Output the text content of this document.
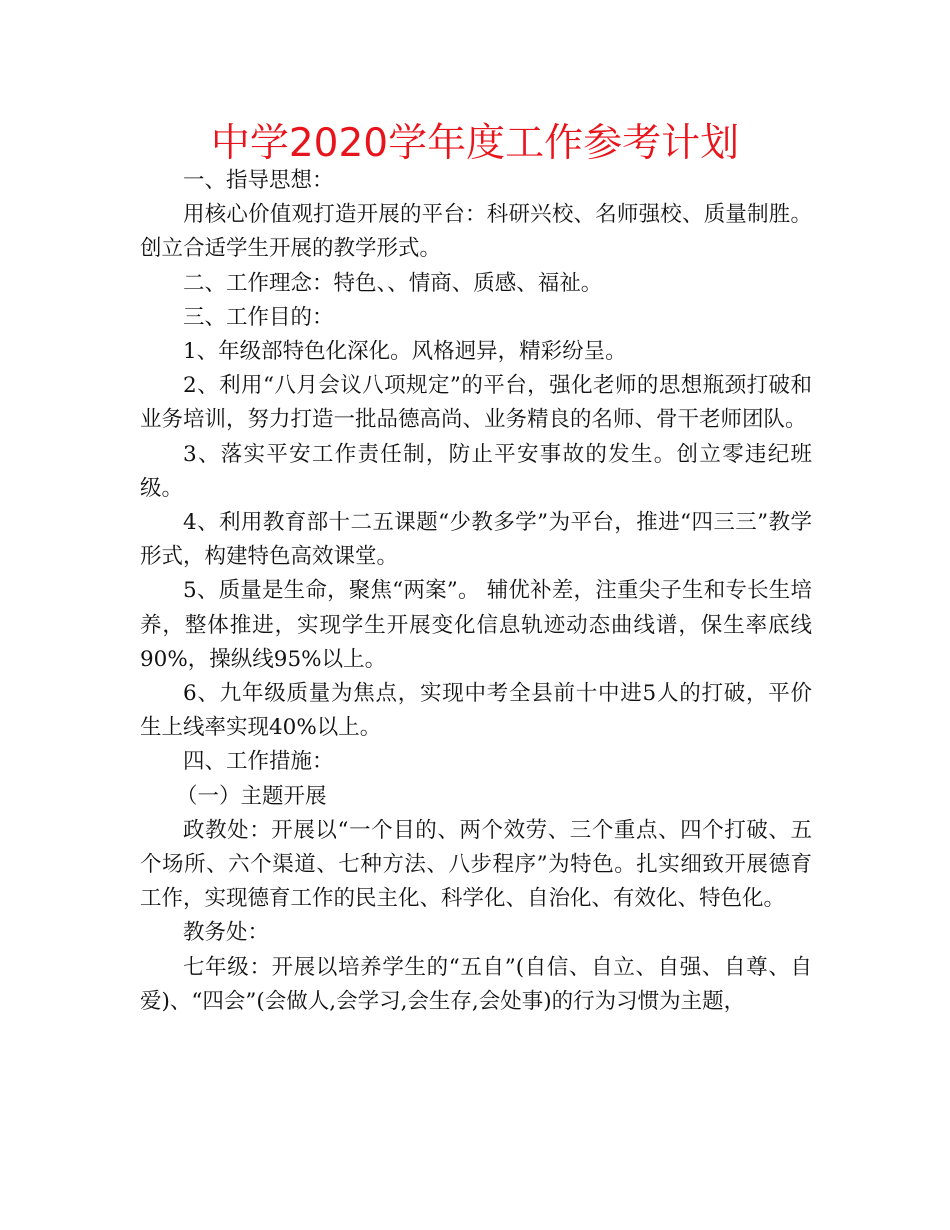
中学2020学年度工作参考计划

一、指导思想：

用核心价值观打造开展的平台：科研兴校、名师强校、质量制胜。创立合适学生开展的教学形式。

二、工作理念：特色、、情商、质感、福祉。

三、工作目的：

1、年级部特色化深化。风格迥异，精彩纷呈。

2、利用“八月会议八项规定”的平台，强化老师的思想瓶颈打破和业务培训，努力打造一批品德高尚、业务精良的名师、骨干老师团队。

3、落实平安工作责任制，防止平安事故的发生。创立零违纪班级。

4、利用教育部十二五课题“少教多学”为平台，推进“四三三”教学形式，构建特色高效课堂。

5、质量是生命，聚焦“两案”。 辅优补差，注重尖子生和专长生培养，整体推进，实现学生开展变化信息轨迹动态曲线谱，保生率底线90%，操纵线95%以上。

6、九年级质量为焦点，实现中考全县前十中进5人的打破，平价生上线率实现40%以上。

四、工作措施：

（一）主题开展

政教处：开展以“一个目的、两个效劳、三个重点、四个打破、五个场所、六个渠道、七种方法、八步程序”为特色。扎实细致开展德育工作，实现德育工作的民主化、科学化、自治化、有效化、特色化。

教务处：

七年级：开展以培养学生的“五自”(自信、自立、自强、自尊、自爱)、“四会”(会做人,会学习,会生存,会处事)的行为习惯为主题，
